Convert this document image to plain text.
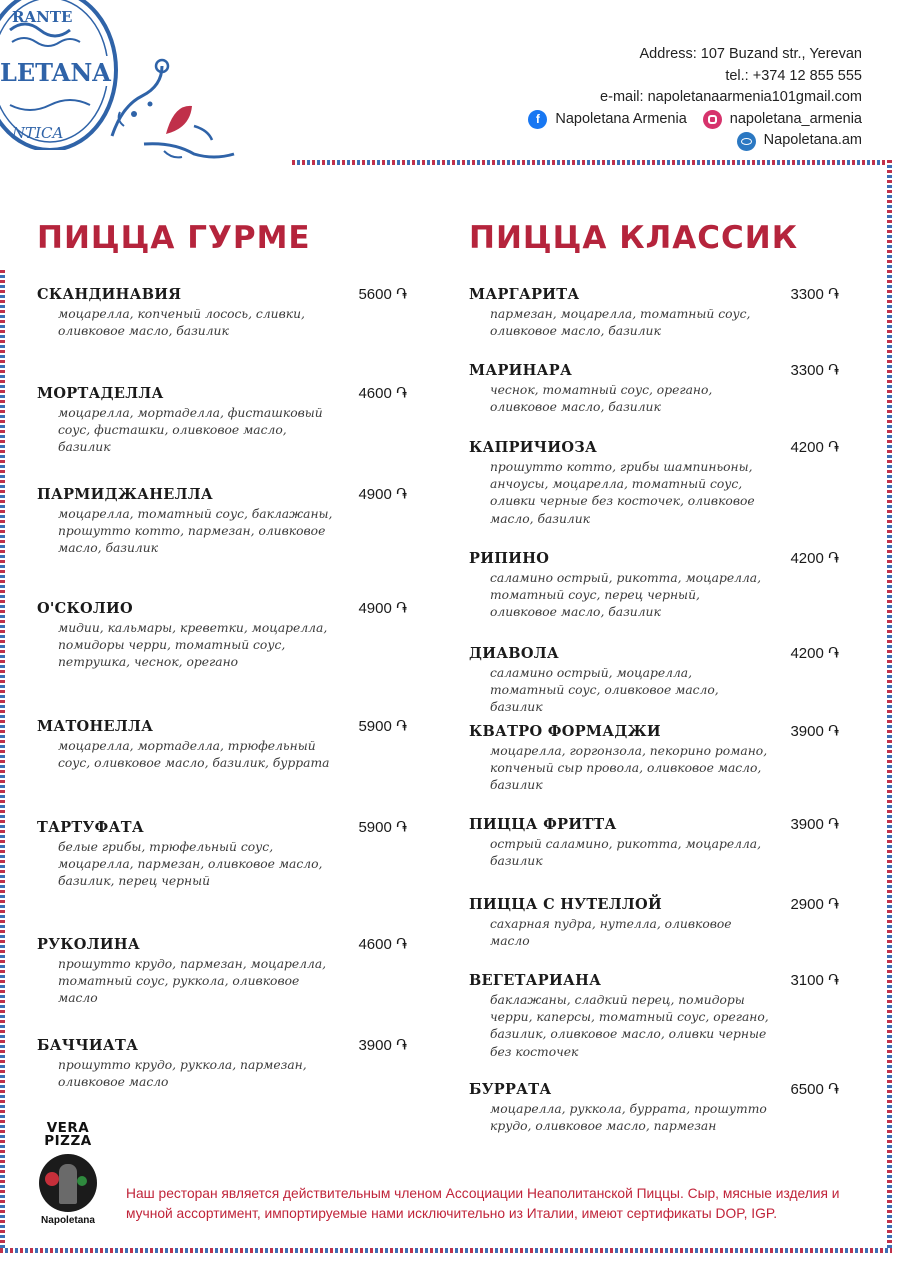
RANTE
LETANA
NTICA
Address: 107 Buzand str., Yerevan
tel.: +374 12 855 555
e-mail: napoletanaarmenia101gmail.com
f	Napoletana Armenia	napoletana_armenia
Napoletana.am
ПИЦЦА ГУРМЕ	ПИЦЦА КЛАССИК
СКАНДИНАВИЯ	5600 ֏
моцарелла, копченый лосось, сливки, оливковое масло, базилик
МОРТАДЕЛЛА	4600 ֏
моцарелла, мортаделла, фисташковый соус, фисташки, оливковое масло, базилик
ПАРМИДЖАНЕЛЛА	4900 ֏
моцарелла, томатный соус, баклажаны, прошутто котто, пармезан, оливковое масло, базилик
О'СКОЛИО	4900 ֏
мидии, кальмары, креветки, моцарелла, помидоры черри, томатный соус, петрушка, чеснок, орегано
МАТОНЕЛЛА	5900 ֏
моцарелла, мортаделла, трюфельный соус, оливковое масло, базилик, буррата
ТАРТУФАТА	5900 ֏
белые грибы, трюфельный соус, моцарелла, пармезан, оливковое масло, базилик, перец черный
РУКОЛИНА	4600 ֏
прошутто крудо, пармезан, моцарелла, томатный соус, руккола, оливковое масло
БАЧЧИАТА	3900 ֏
прошутто крудо, руккола, пармезан, оливковое масло
МАРГАРИТА	3300 ֏
пармезан, моцарелла, томатный соус, оливковое масло, базилик
МАРИНАРА	3300 ֏
чеснок, томатный соус, орегано, оливковое масло, базилик
КАПРИЧИОЗА	4200 ֏
прошутто котто, грибы шампиньоны, анчоусы, моцарелла, томатный соус, оливки черные без косточек, оливковое масло, базилик
РИПИНО	4200 ֏
саламино острый, рикотта, моцарелла, томатный соус, перец черный, оливковое масло, базилик
ДИАВОЛА	4200 ֏
саламино острый, моцарелла, томатный соус, оливковое масло, базилик
КВАТРО ФОРМАДЖИ	3900 ֏
моцарелла, горгонзола, пекорино романо, копченый сыр провола, оливковое масло, базилик
ПИЦЦА ФРИТТА	3900 ֏
острый саламино, рикотта, моцарелла, базилик
ПИЦЦА С НУТЕЛЛОЙ	2900 ֏
сахарная пудра, нутелла, оливковое масло
ВЕГЕТАРИАНА	3100 ֏
баклажаны, сладкий перец, помидоры черри, каперсы, томатный соус, орегано, базилик, оливковое масло, оливки черные без косточек
БУРРАТА	6500 ֏
моцарелла, руккола, буррата, прошутто крудо, оливковое масло, пармезан
VERA
PIZZA
Napoletana
Наш ресторан является действительным членом Ассоциации Неаполитанской Пиццы. Сыр, мясные изделия и мучной ассортимент, импортируемые нами исключительно из Италии, имеют сертификаты DOP, IGP.
